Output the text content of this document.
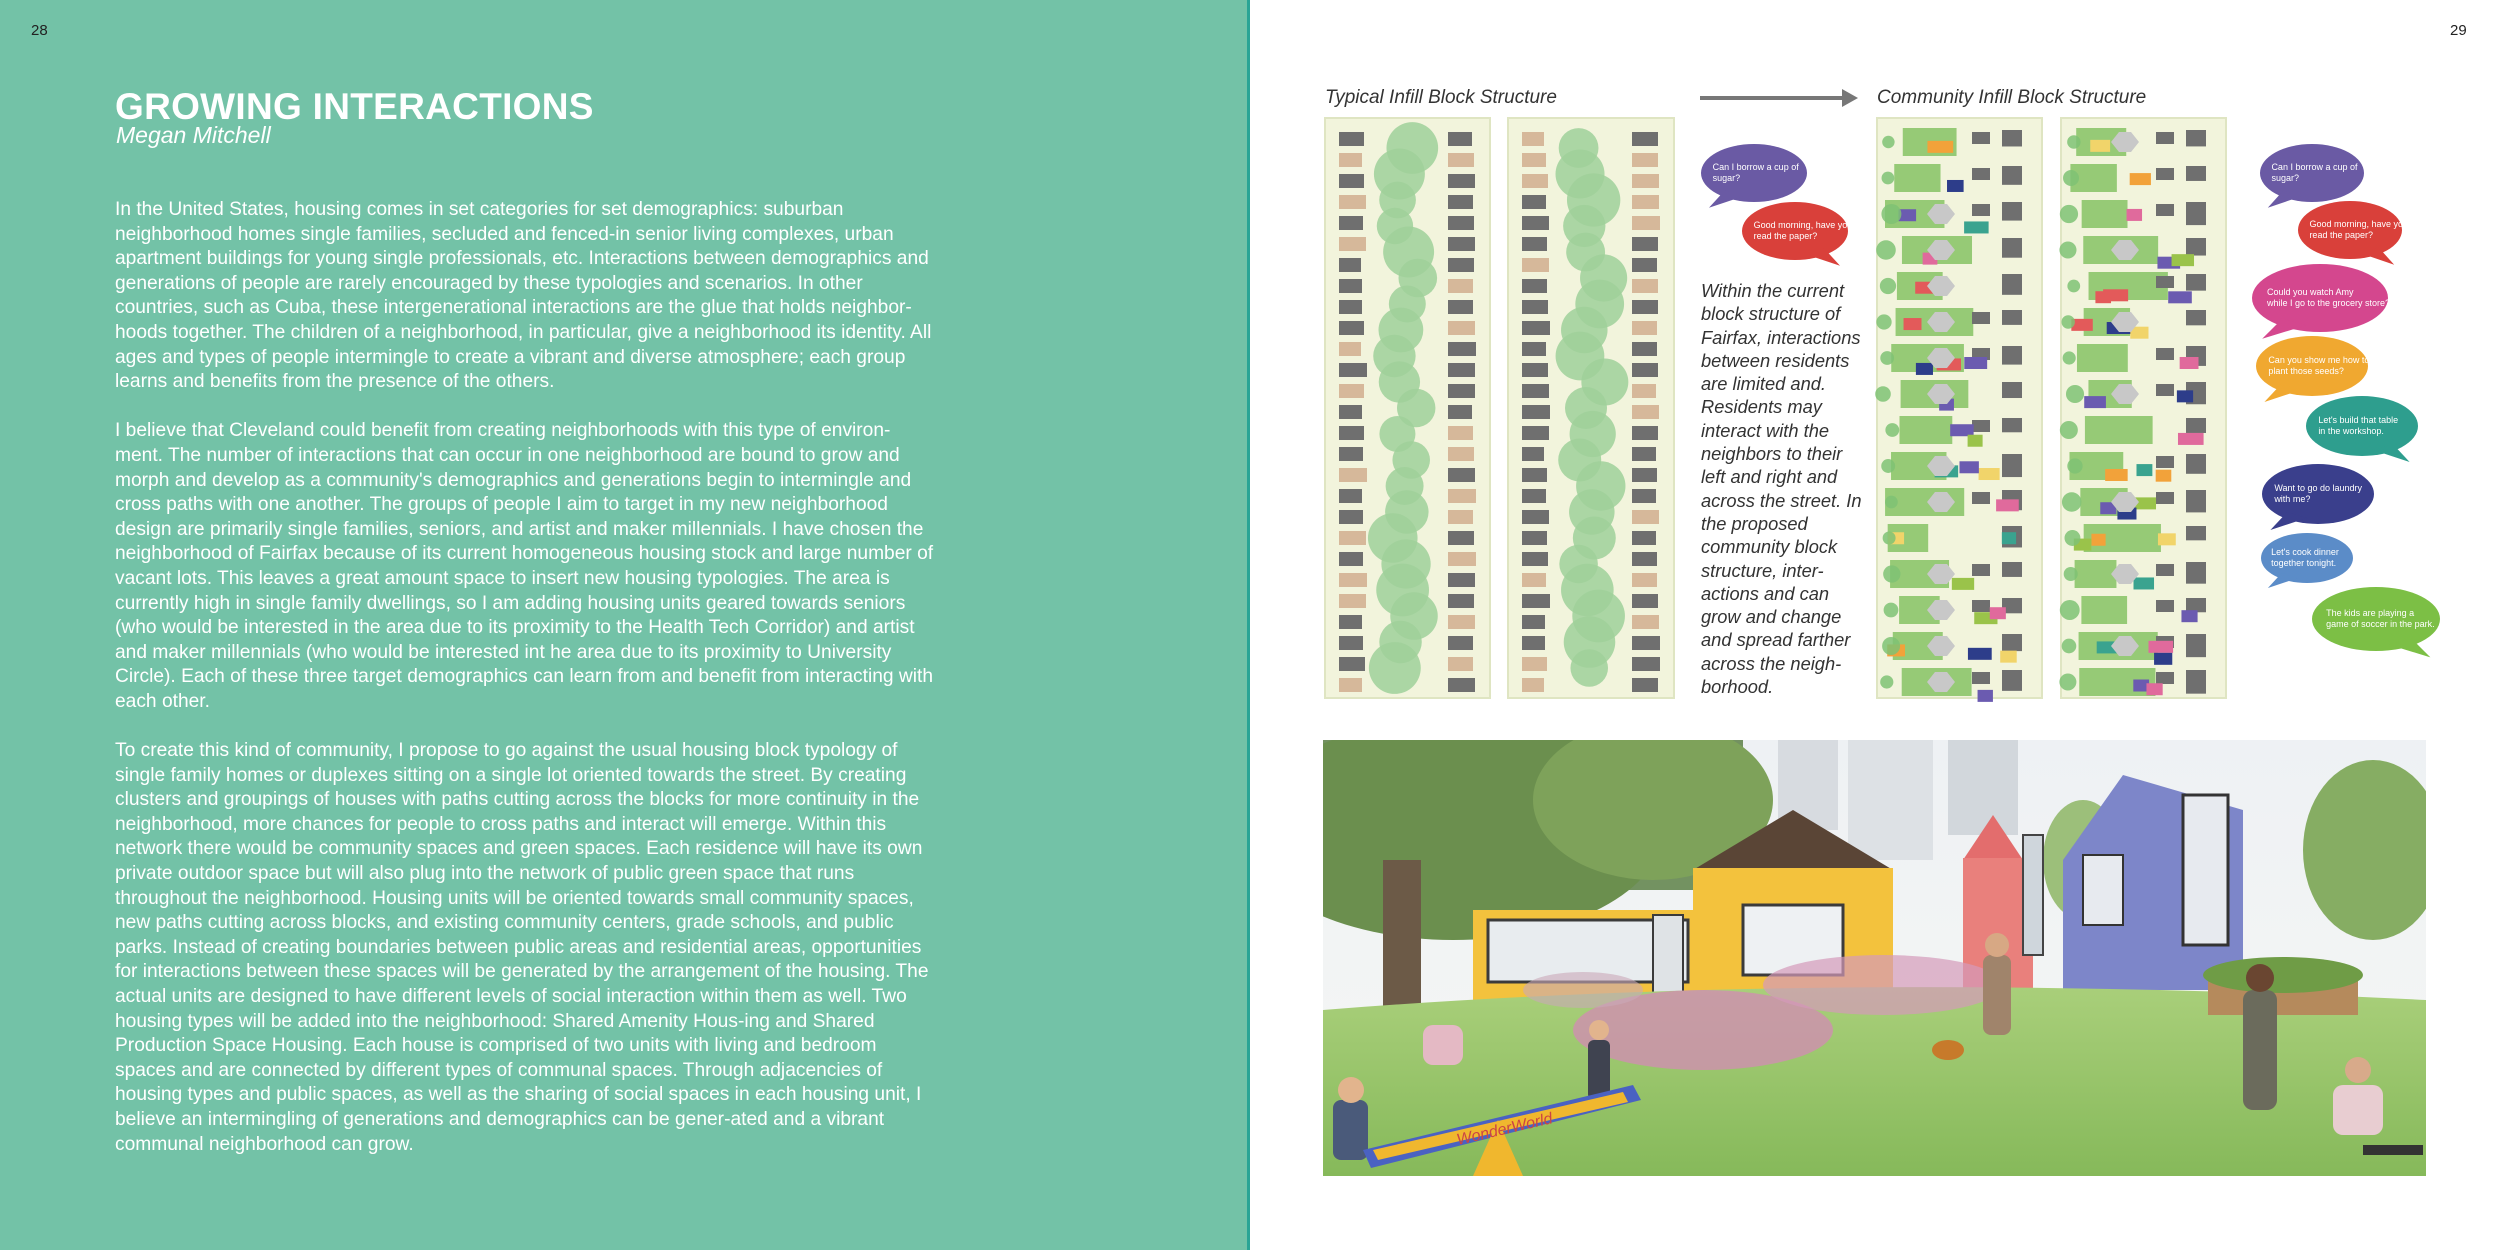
28
GROWING INTERACTIONS
Megan Mitchell

In the United States, housing comes in set categories for set demographics: suburban neighborhood homes single families, secluded and fenced-in senior living complexes, urban apartment buildings for young single professionals, etc. Interactions between demographics and generations of people are rarely encouraged by these typologies and scenarios. In other countries, such as Cuba, these intergenerational interactions are the glue that holds neighbor-hoods together. The children of a neighborhood, in particular, give a neighborhood its identity. All ages and types of people intermingle to create a vibrant and diverse atmosphere; each group learns and benefits from the presence of the others.

I believe that Cleveland could benefit from creating neighborhoods with this type of environ-ment. The number of interactions that can occur in one neighborhood are bound to grow and morph and develop as a community's demographics and generations begin to intermingle and cross paths with one another. The groups of people I aim to target in my new neighborhood design are primarily single families, seniors, and artist and maker millennials. I have chosen the neighborhood of Fairfax because of its current homogeneous housing stock and large number of vacant lots. This leaves a great amount space to insert new housing typologies. The area is currently high in single family dwellings, so I am adding housing units geared towards seniors (who would be interested in the area due to its proximity to the Health Tech Corridor) and artist and maker millennials (who would be interested int he area due to its proximity to University Circle). Each of these three target demographics can learn from and benefit from interacting with each other.

To create this kind of community, I propose to go against the usual housing block typology of single family homes or duplexes sitting on a single lot oriented towards the street. By creating clusters and groupings of houses with paths cutting across the blocks for more continuity in the neighborhood, more chances for people to cross paths and interact will emerge. Within this network there would be community spaces and green spaces. Each residence will have its own private outdoor space but will also plug into the network of public green space that runs throughout the neighborhood. Housing units will be oriented towards small community spaces, new paths cutting across blocks, and existing community centers, grade schools, and public parks. Instead of creating boundaries between public areas and residential areas, opportunities for interactions between these spaces will be generated by the arrangement of the housing. The actual units are designed to have different levels of social interaction within them as well. Two housing types will be added into the neighborhood: Shared Amenity Hous-ing and Shared Production Space Housing. Each house is comprised of two units with living and bedroom spaces and are connected by different types of communal spaces. Through adjacencies of housing types and public spaces, as well as the sharing of social spaces in each housing unit, I believe an intermingling of generations and demographics can be gener-ated and a vibrant communal neighborhood can grow.

29
Typical Infill Block Structure	Community Infill Block Structure
Can I borrow a cup of sugar?
Good morning, have you read the paper?
Can I borrow a cup of sugar?
Good morning, have you read the paper?
Could you watch Amy while I go to the grocery store?
Can you show me how to plant those seeds?
Let's build that table in the workshop.
Want to go do laundry with me?
Let's cook dinner together tonight.
The kids are playing a game of soccer in the park.
Within the current block structure of Fairfax, interactions between residents are limited and. Residents may interact with the neighbors to their left and right and across the street. In the proposed community block structure, inter-actions and can grow and change and spread farther across the neigh-borhood.
WonderWorld
